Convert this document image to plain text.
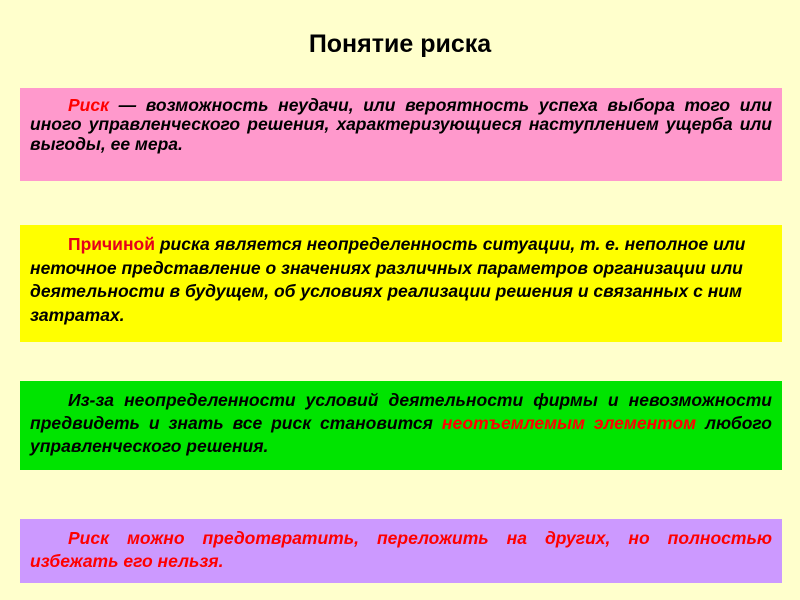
Понятие риска
Риск — возможность неудачи, или вероятность успеха выбора того или иного управленческого решения, характеризующиеся наступлением ущерба или выгоды, ее мера.
Причиной риска является неопределенность ситуации, т. е. неполное или неточное представление о значениях различных параметров организации или деятельности в будущем, об условиях реализации решения и связанных с ним затратах.
Из-за неопределенности условий деятельности фирмы и невозможности предвидеть и знать все риск становится неотъемлемым элементом любого управленческого решения.
Риск можно предотвратить, переложить на других, но полностью избежать его нельзя.
